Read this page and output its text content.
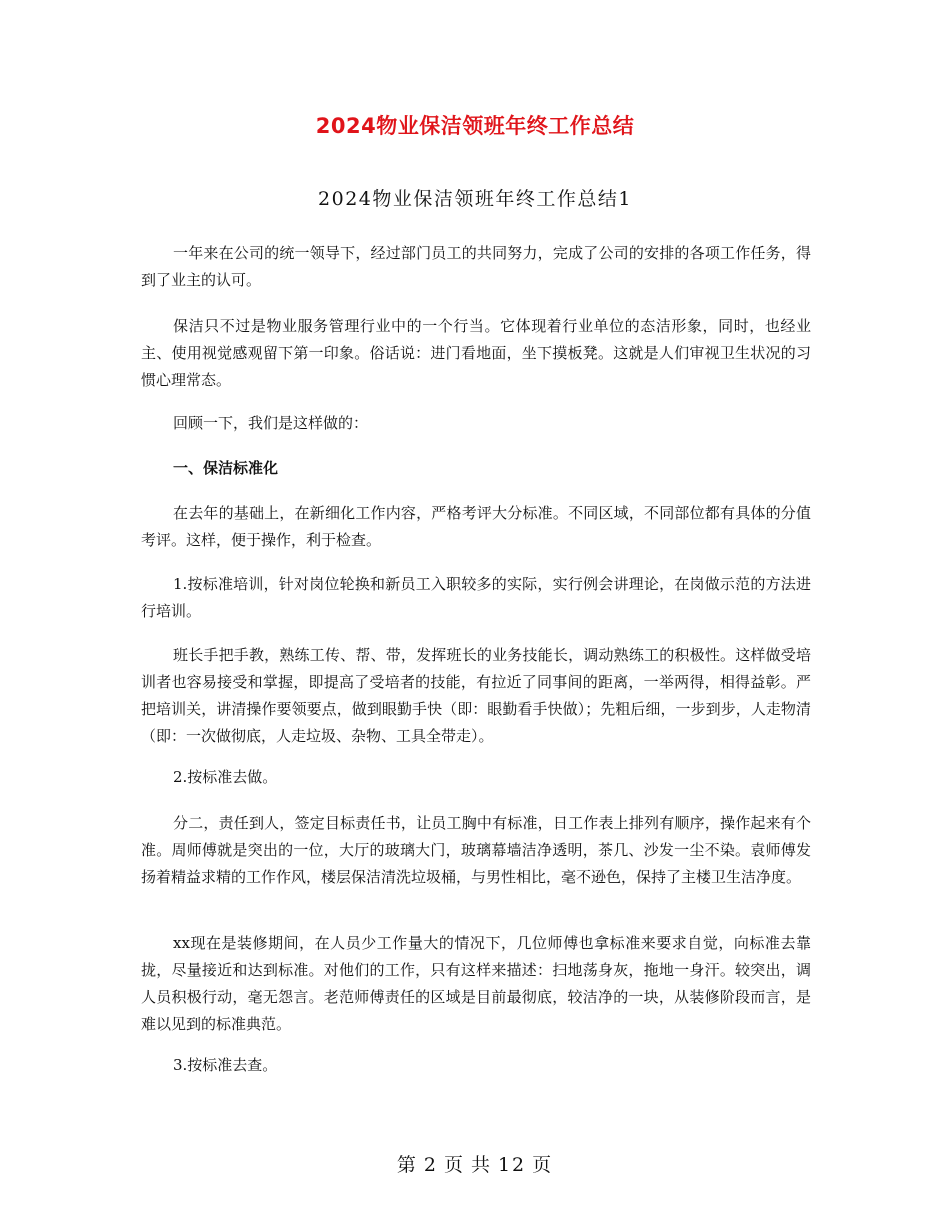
2024物业保洁领班年终工作总结
2024物业保洁领班年终工作总结1

一年来在公司的统一领导下，经过部门员工的共同努力，完成了公司的安排的各项工作任务，得到了业主的认可。

保洁只不过是物业服务管理行业中的一个行当。它体现着行业单位的态洁形象，同时，也经业主、使用视觉感观留下第一印象。俗话说：进门看地面，坐下摸板凳。这就是人们审视卫生状况的习惯心理常态。

回顾一下，我们是这样做的：

一、保洁标准化

在去年的基础上，在新细化工作内容，严格考评大分标准。不同区域，不同部位都有具体的分值考评。这样，便于操作，利于检查。

1.按标准培训，针对岗位轮换和新员工入职较多的实际，实行例会讲理论，在岗做示范的方法进行培训。

班长手把手教，熟练工传、帮、带，发挥班长的业务技能长，调动熟练工的积极性。这样做受培训者也容易接受和掌握，即提高了受培者的技能，有拉近了同事间的距离，一举两得，相得益彰。严把培训关，讲清操作要领要点，做到眼勤手快（即：眼勤看手快做）；先粗后细，一步到步，人走物清（即：一次做彻底，人走垃圾、杂物、工具全带走）。

2.按标准去做。

分二，责任到人，签定目标责任书，让员工胸中有标准，日工作表上排列有顺序，操作起来有个准。周师傅就是突出的一位，大厅的玻璃大门，玻璃幕墙洁净透明，茶几、沙发一尘不染。袁师傅发扬着精益求精的工作作风，楼层保洁清洗垃圾桶，与男性相比，毫不逊色，保持了主楼卫生洁净度。

xx现在是装修期间，在人员少工作量大的情况下，几位师傅也拿标准来要求自觉，向标准去靠拢，尽量接近和达到标准。对他们的工作，只有这样来描述：扫地荡身灰，拖地一身汗。较突出，调人员积极行动，毫无怨言。老范师傅责任的区域是目前最彻底，较洁净的一块，从装修阶段而言，是难以见到的标准典范。

3.按标准去查。

第 2 页 共 12 页
